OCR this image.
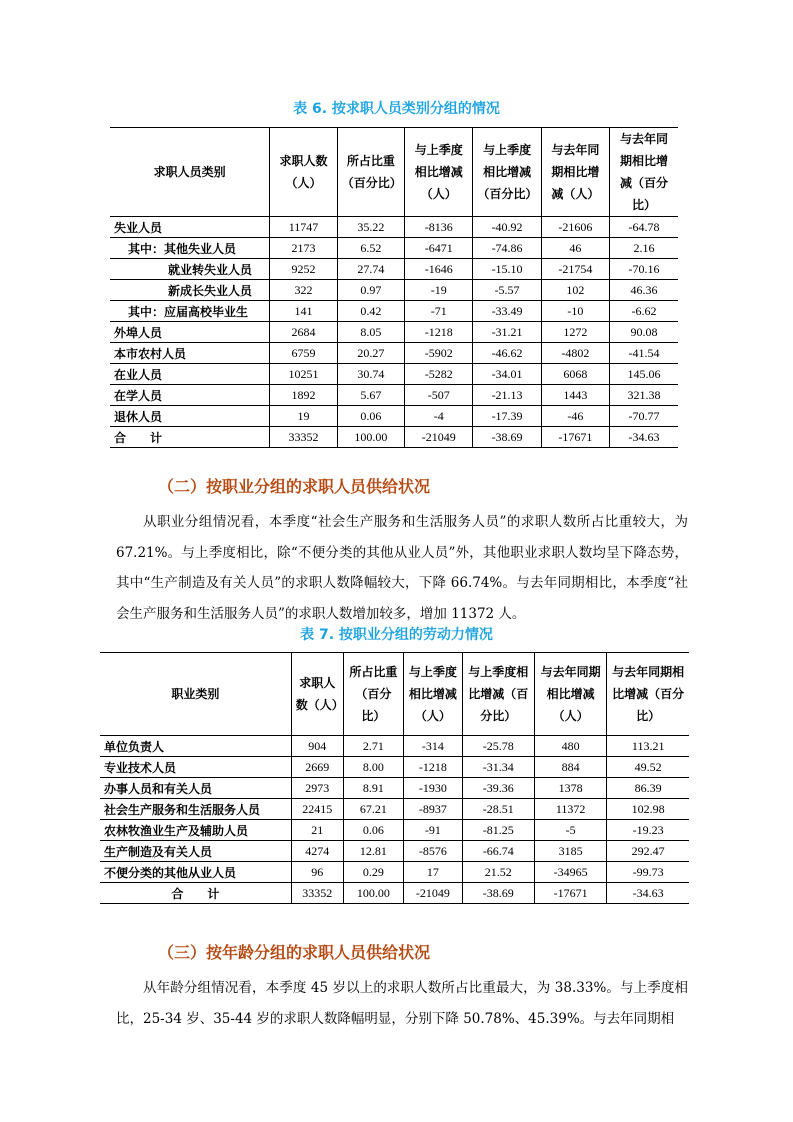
表 6. 按求职人员类别分组的情况
求职人员类别	求职人数（人）	所占比重（百分比）	与上季度相比增减（人）	与上季度相比增减（百分比）	与去年同期相比增减（人）	与去年同期相比增减（百分比）
失业人员	11747	35.22	-8136	-40.92	-21606	-64.78
其中：其他失业人员	2173	6.52	-6471	-74.86	46	2.16
就业转失业人员	9252	27.74	-1646	-15.10	-21754	-70.16
新成长失业人员	322	0.97	-19	-5.57	102	46.36
其中：应届高校毕业生	141	0.42	-71	-33.49	-10	-6.62
外埠人员	2684	8.05	-1218	-31.21	1272	90.08
本市农村人员	6759	20.27	-5902	-46.62	-4802	-41.54
在业人员	10251	30.74	-5282	-34.01	6068	145.06
在学人员	1892	5.67	-507	-21.13	1443	321.38
退休人员	19	0.06	-4	-17.39	-46	-70.77
合　　计	33352	100.00	-21049	-38.69	-17671	-34.63
（二）按职业分组的求职人员供给状况
从职业分组情况看，本季度“社会生产服务和生活服务人员”的求职人数所占比重较大，为 67.21%。与上季度相比，除“不便分类的其他从业人员”外，其他职业求职人数均呈下降态势，其中“生产制造及有关人员”的求职人数降幅较大，下降 66.74%。与去年同期相比，本季度“社会生产服务和生活服务人员”的求职人数增加较多，增加 11372 人。
表 7. 按职业分组的劳动力情况
职业类别	求职人数（人）	所占比重（百分比）	与上季度相比增减（人）	与上季度相比增减（百分比）	与去年同期相比增减（人）	与去年同期相比增减（百分比）
单位负责人	904	2.71	-314	-25.78	480	113.21
专业技术人员	2669	8.00	-1218	-31.34	884	49.52
办事人员和有关人员	2973	8.91	-1930	-39.36	1378	86.39
社会生产服务和生活服务人员	22415	67.21	-8937	-28.51	11372	102.98
农林牧渔业生产及辅助人员	21	0.06	-91	-81.25	-5	-19.23
生产制造及有关人员	4274	12.81	-8576	-66.74	3185	292.47
不便分类的其他从业人员	96	0.29	17	21.52	-34965	-99.73
合　　计	33352	100.00	-21049	-38.69	-17671	-34.63
（三）按年龄分组的求职人员供给状况
从年龄分组情况看，本季度 45 岁以上的求职人数所占比重最大，为 38.33%。与上季度相比，25-34 岁、35-44 岁的求职人数降幅明显，分别下降 50.78%、45.39%。与去年同期相
